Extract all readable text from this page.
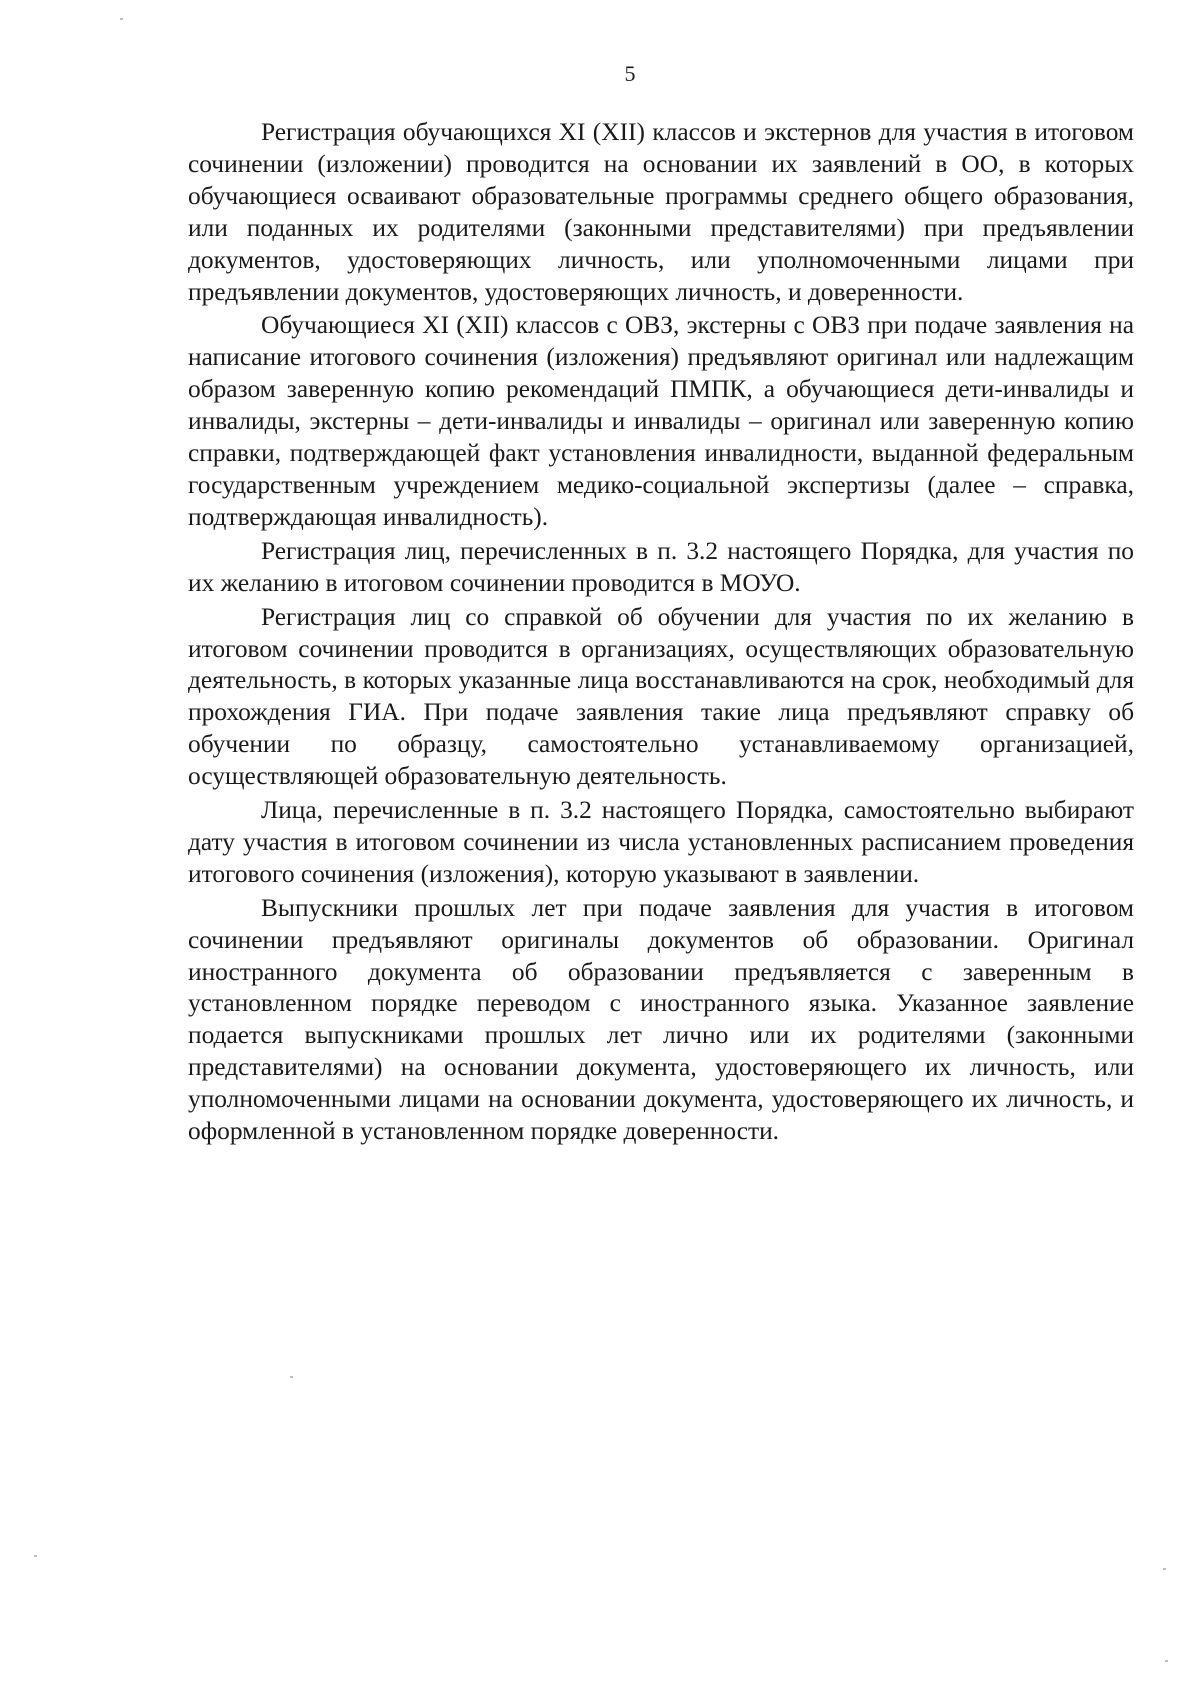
5

Регистрация обучающихся XI (XII) классов и экстернов для участия в итоговом сочинении (изложении) проводится на основании их заявлений в ОО, в которых обучающиеся осваивают образовательные программы среднего общего образования, или поданных их родителями (законными представителями) при предъявлении документов, удостоверяющих личность, или уполномоченными лицами при предъявлении документов, удостоверяющих личность, и доверенности.

Обучающиеся XI (XII) классов с ОВЗ, экстерны с ОВЗ при подаче заявления на написание итогового сочинения (изложения) предъявляют оригинал или надлежащим образом заверенную копию рекомендаций ПМПК, а обучающиеся дети-инвалиды и инвалиды, экстерны – дети-инвалиды и инвалиды – оригинал или заверенную копию справки, подтверждающей факт установления инвалидности, выданной федеральным государственным учреждением медико-социальной экспертизы (далее – справка, подтверждающая инвалидность).

Регистрация лиц, перечисленных в п. 3.2 настоящего Порядка, для участия по их желанию в итоговом сочинении проводится в МОУО.

Регистрация лиц со справкой об обучении для участия по их желанию в итоговом сочинении проводится в организациях, осуществляющих образовательную деятельность, в которых указанные лица восстанавливаются на срок, необходимый для прохождения ГИА. При подаче заявления такие лица предъявляют справку об обучении по образцу, самостоятельно устанавливаемому организацией, осуществляющей образовательную деятельность.

Лица, перечисленные в п. 3.2 настоящего Порядка, самостоятельно выбирают дату участия в итоговом сочинении из числа установленных расписанием проведения итогового сочинения (изложения), которую указывают в заявлении.

Выпускники прошлых лет при подаче заявления для участия в итоговом сочинении предъявляют оригиналы документов об образовании. Оригинал иностранного документа об образовании предъявляется с заверенным в установленном порядке переводом с иностранного языка. Указанное заявление подается выпускниками прошлых лет лично или их родителями (законными представителями) на основании документа, удостоверяющего их личность, или уполномоченными лицами на основании документа, удостоверяющего их личность, и оформленной в установленном порядке доверенности.
